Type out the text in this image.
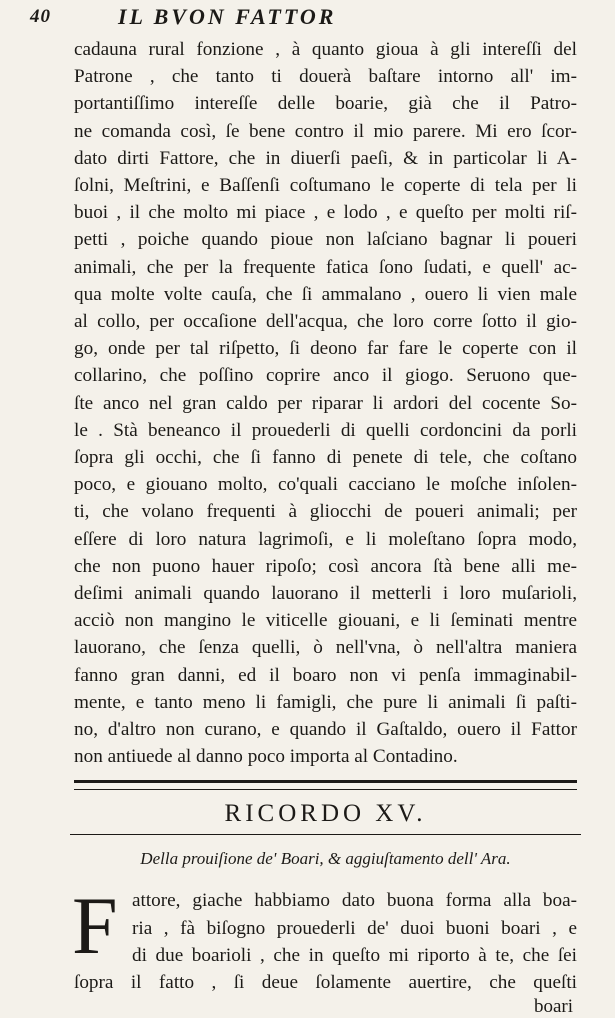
40	IL BVON FATTOR

cadauna rural fonzione , à quanto gioua à gli intereſſi del
Patrone , che tanto ti douerà baſtare intorno all' im-
portantiſſimo intereſſe delle boarie, già che il Patro-
ne comanda così, ſe bene contro il mio parere. Mi ero ſcor-
dato dirti Fattore, che in diuerſi paeſi, & in particolar li A-
ſolni, Meſtrini, e Baſſenſi coſtumano le coperte di tela per li
buoi , il che molto mi piace , e lodo , e queſto per molti riſ-
petti , poiche quando pioue non laſciano bagnar li poueri
animali, che per la frequente fatica ſono ſudati, e quell' ac-
qua molte volte cauſa, che ſi ammalano , ouero li vien male
al collo, per occaſione dell'acqua, che loro corre ſotto il gio-
go, onde per tal riſpetto, ſi deono far fare le coperte con il
collarino, che poſſino coprire anco il giogo. Seruono que-
ſte anco nel gran caldo per riparar li ardori del cocente So-
le . Stà beneanco il prouederli di quelli cordoncini da porli
ſopra gli occhi, che ſi fanno di penete di tele, che coſtano
poco, e giouano molto, co'quali cacciano le moſche inſolen-
ti, che volano frequenti à gliocchi de poueri animali; per
eſſere di loro natura lagrimoſi, e li moleſtano ſopra modo,
che non puono hauer ripoſo; così ancora ſtà bene alli me-
deſimi animali quando lauorano il metterli i loro muſarioli,
acciò non mangino le viticelle giouani, e li ſeminati mentre
lauorano, che ſenza quelli, ò nell'vna, ò nell'altra maniera
fanno gran danni, ed il boaro non vi penſa immaginabil-
mente, e tanto meno li famigli, che pure li animali ſi paſti-
no, d'altro non curano, e quando il Gaſtaldo, ouero il Fattor
non antiuede al danno poco importa al Contadino.

RICORDO XV.
Della prouiſione de' Boari, & aggiuſtamento dell' Ara.
F attore, giache habbiamo dato buona forma alla boa-
ria , fà biſogno prouederli de' duoi buoni boari , e
di due boarioli , che in queſto mi riporto à te, che ſei
ſopra il fatto , ſi deue ſolamente auertire, che queſti

boari
